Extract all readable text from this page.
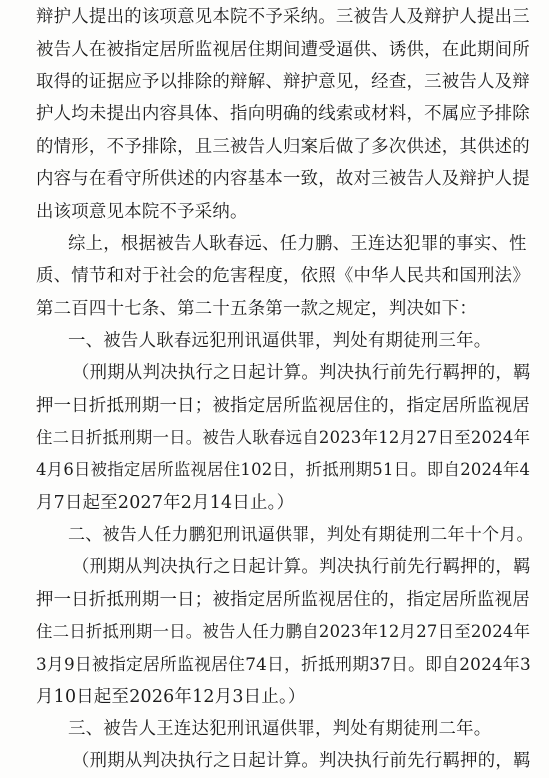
辩护人提出的该项意见本院不予采纳。三被告人及辩护人提出三
被告人在被指定居所监视居住期间遭受逼供、诱供，在此期间所
取得的证据应予以排除的辩解、辩护意见，经查，三被告人及辩
护人均未提出内容具体、指向明确的线索或材料，不属应予排除
的情形，不予排除，且三被告人归案后做了多次供述，其供述的
内容与在看守所供述的内容基本一致，故对三被告人及辩护人提
出该项意见本院不予采纳。
综上，根据被告人耿春远、任力鹏、王连达犯罪的事实、性
质、情节和对于社会的危害程度，依照《中华人民共和国刑法》
第二百四十七条、第二十五条第一款之规定，判决如下：
一、被告人耿春远犯刑讯逼供罪，判处有期徒刑三年。
（刑期从判决执行之日起计算。判决执行前先行羁押的，羁
押一日折抵刑期一日；被指定居所监视居住的，指定居所监视居
住二日折抵刑期一日。被告人耿春远自2023年12月27日至2024年
4月6日被指定居所监视居住102日，折抵刑期51日。即自2024年4
月7日起至2027年2月14日止。）
二、被告人任力鹏犯刑讯逼供罪，判处有期徒刑二年十个月。
（刑期从判决执行之日起计算。判决执行前先行羁押的，羁
押一日折抵刑期一日；被指定居所监视居住的，指定居所监视居
住二日折抵刑期一日。被告人任力鹏自2023年12月27日至2024年
3月9日被指定居所监视居住74日，折抵刑期37日。即自2024年3
月10日起至2026年12月3日止。）
三、被告人王连达犯刑讯逼供罪，判处有期徒刑二年。
（刑期从判决执行之日起计算。判决执行前先行羁押的，羁
